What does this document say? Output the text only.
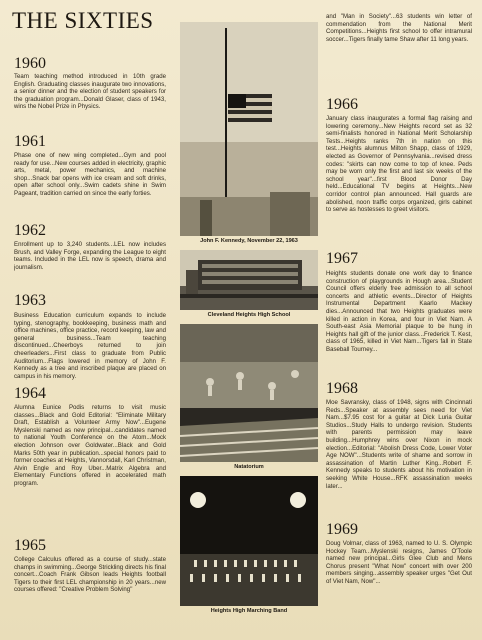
THE SIXTIES
1960
Team teaching method introduced in 10th grade English. Graduating classes inaugurate two innovations, a senior dinner and the election of student speakers for the graduation program...Donald Glaser, class of 1943, wins the Nobel Prize in Physics.
1961
Phase one of new wing completed...Gym and pool ready for use...New courses added in electricity, graphic arts, metal, power mechanics, and machine shop...Snack bar opens with ice cream and soft drinks, open after school only...Swim cadets shine in Swim Pageant, tradition carried on since the early forties.
1962
Enrollment up to 3,240 students...LEL now includes Brush, and Valley Forge, expanding the League to eight teams. Included in the LEL now is speech, drama and journalism.
1963
Business Education curriculum expands to include typing, stenography, bookkeeping, business math and office machines, office practice, record keeping, law and general business...Team teaching discontinued...Cheerboys returned to join cheerleaders...First class to graduate from Public Auditorium...Flags lowered in memory of John F. Kennedy as a tree and inscribed plaque are placed on campus in his memory.
1964
Alumna Eunice Podis returns to visit music classes...Black and Gold Editorial: "Eliminate Military Draft, Establish a Volunteer Army Now"...Eugene Myslenski named as new principal...candidates named to national Youth Conference on the Atom...Mock election Johnson over Goldwater...Black and Gold Marks 50th year in publication...special honors paid to former coaches at Heights, Vannorsdall, Karl Christman, Alvin Engle and Roy Uber...Matrix Algebra and Elementary Functions offered in accelerated math program.
1965
College Calculus offered as a course of study...state champs in swimming...George Strickling directs his final concert...Coach Frank Gibson leads Heights football Tigers to their first LEL championship in 20 years...new courses offered: "Creative Problem Solving"
John F. Kennedy, November 22, 1963
Cleveland Heights High School
Natatorium
Heights High Marching Band
and "Man in Society"...63 students win letter of commendation from the National Merit Competitions...Heights first school to offer intramural soccer...Tigers finally tame Shaw after 11 long years.
1966
January class inaugurates a formal flag raising and lowering ceremony...New Heights record set as 32 semi-finalists honored in National Merit Scholarship Tests...Heights ranks 7th in nation on this test...Heights alumnus Milton Shapp, class of 1929, elected as Governor of Pennsylvania...revised dress codes: "skirts can now come to top of knee. Peds may be worn only the first and last six weeks of the school year"...first Blood Donor Day held...Educational TV begins at Heights...New corridor control plan announced. Hall guards are abolished, noon traffic corps organized, girls cabinet to serve as hostesses to greet visitors.
1967
Heights students donate one work day to finance construction of playgrounds in Hough area...Student Council offers elderly free admission to all school concerts and athletic events...Director of Heights Instrumental Department Kaarlo Mackey dies...Announced that two Heights graduates were killed in action in Korea, and four in Viet Nam. A South-east Asia Memorial plaque to be hung in Heights hall gift of the junior class...Frederick T. Kest, class of 1965, killed in Viet Nam...Tigers fall in State Baseball Tourney...
1968
Moe Savransky, class of 1948, signs with Cincinnati Reds...Speaker at assembly sees need for Viet Nam...$7.95 cost for a guitar at Dick Luria Guitar Studios...Study Halls to undergo revision. Students with parents permission may leave building...Humphrey wins over Nixon in mock election...Editorial: "Abolish Dress Code, Lower Voter Age NOW"...Students write of shame and sorrow in assassination of Martin Luther King...Robert F. Kennedy speaks to students about his motivation in seeking White House...RFK assassination weeks later...
1969
Doug Volmar, class of 1963, named to U. S. Olympic Hockey Team...Myslenski resigns, James O'Toole named new principal...Girls Glee Club and Mens Chorus present "What Now" concert with over 200 members singing...assembly speaker urges "Get Out of Viet Nam, Now"...
